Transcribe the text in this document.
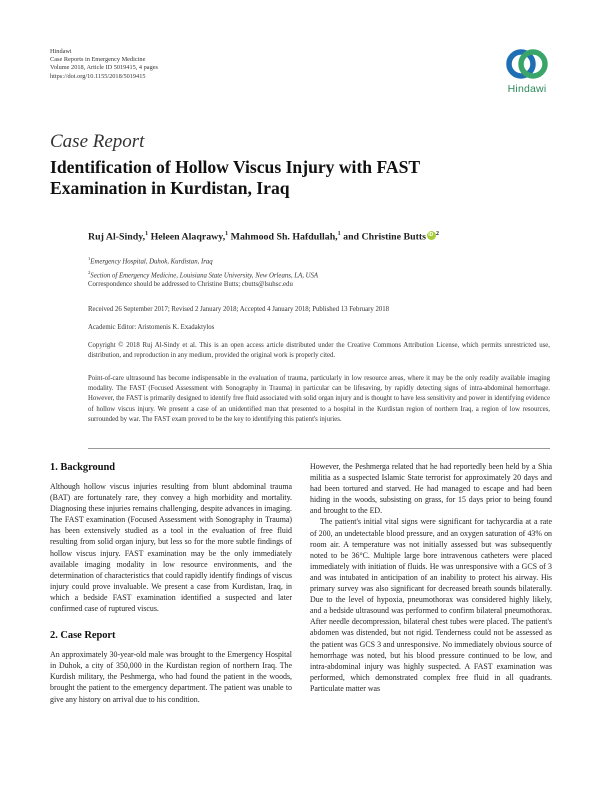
Hindawi
Case Reports in Emergency Medicine
Volume 2018, Article ID 5019415, 4 pages
https://doi.org/10.1155/2018/5019415
Hindawi
Case Report
Identification of Hollow Viscus Injury with FAST
Examination in Kurdistan, Iraq
Ruj Al-Sindy,$^1$ Heleen Alaqrawy,$^1$ Mahmood Sh. Hafdullah,$^1$ and Christine ButtsiD $^2$
$^1$Emergency Hospital, Duhok, Kurdistan, Iraq
$^2$Section of Emergency Medicine, Louisiana State University, New Orleans, LA, USA
Correspondence should be addressed to Christine Butts; cbutts@lsuhsc.edu
Received 26 September 2017; Revised 2 January 2018; Accepted 4 January 2018; Published 13 February 2018
Academic Editor: Aristomenis K. Exadaktylos
Copyright © 2018 Ruj Al-Sindy et al. This is an open access article distributed under the Creative Commons Attribution License, which permits unrestricted use, distribution, and reproduction in any medium, provided the original work is properly cited.
Point-of-care ultrasound has become indispensable in the evaluation of trauma, particularly in low resource areas, where it may be the only readily available imaging modality. The FAST (Focused Assessment with Sonography in Trauma) in particular can be lifesaving, by rapidly detecting signs of intra-abdominal hemorrhage. However, the FAST is primarily designed to identify free fluid associated with solid organ injury and is thought to have less sensitivity and power in identifying evidence of hollow viscus injury. We present a case of an unidentified man that presented to a hospital in the Kurdistan region of northern Iraq, a region of low resources, surrounded by war. The FAST exam proved to be the key to identifying this patient's injuries.
1. Background

Although hollow viscus injuries resulting from blunt abdominal trauma (BAT) are fortunately rare, they convey a high morbidity and mortality. Diagnosing these injuries remains challenging, despite advances in imaging. The FAST examination (Focused Assessment with Sonography in Trauma) has been extensively studied as a tool in the evaluation of free fluid resulting from solid organ injury, but less so for the more subtle findings of hollow viscus injury. FAST examination may be the only immediately available imaging modality in low resource environments, and the determination of characteristics that could rapidly identify findings of viscus injury could prove invaluable. We present a case from Kurdistan, Iraq, in which a bedside FAST examination identified a suspected and later confirmed case of ruptured viscus.

2. Case Report

An approximately 30-year-old male was brought to the Emergency Hospital in Duhok, a city of 350,000 in the Kurdistan region of northern Iraq. The Kurdish military, the Peshmerga, who had found the patient in the woods, brought the patient to the emergency department. The patient was unable to give any history on arrival due to his condition.

However, the Peshmerga related that he had reportedly been held by a Shia militia as a suspected Islamic State terrorist for approximately 20 days and had been tortured and starved. He had managed to escape and had been hiding in the woods, subsisting on grass, for 15 days prior to being found and brought to the ED.

The patient's initial vital signs were significant for tachycardia at a rate of 200, an undetectable blood pressure, and an oxygen saturation of 43% on room air. A temperature was not initially assessed but was subsequently noted to be 36°C. Multiple large bore intravenous catheters were placed immediately with initiation of fluids. He was unresponsive with a GCS of 3 and was intubated in anticipation of an inability to protect his airway. His primary survey was also significant for decreased breath sounds bilaterally. Due to the level of hypoxia, pneumothorax was considered highly likely, and a bedside ultrasound was performed to confirm bilateral pneumothorax. After needle decompression, bilateral chest tubes were placed. The patient's abdomen was distended, but not rigid. Tenderness could not be assessed as the patient was GCS 3 and unresponsive. No immediately obvious source of hemorrhage was noted, but his blood pressure continued to be low, and intra-abdominal injury was highly suspected. A FAST examination was performed, which demonstrated complex free fluid in all quadrants. Particulate matter was
